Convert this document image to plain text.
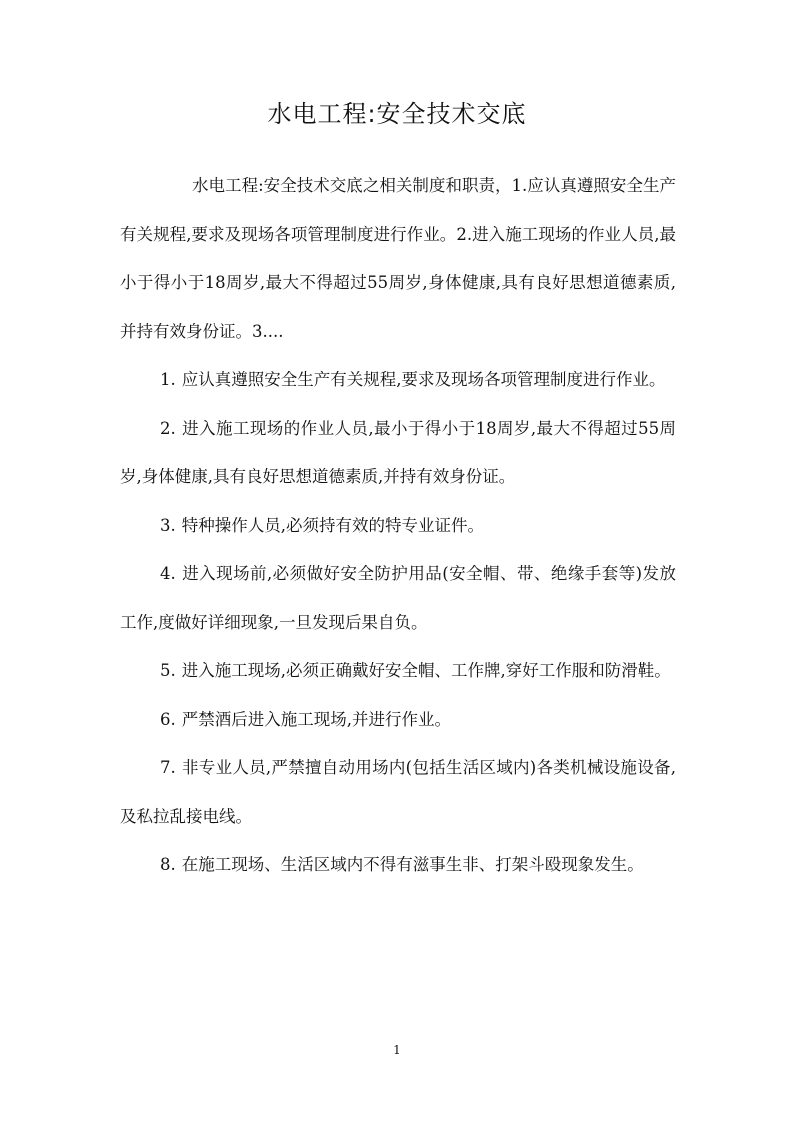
水电工程:安全技术交底

水电工程:安全技术交底之相关制度和职责，1.应认真遵照安全生产有关规程,要求及现场各项管理制度进行作业。2.进入施工现场的作业人员,最小于得小于18周岁,最大不得超过55周岁,身体健康,具有良好思想道德素质,并持有效身份证。3....

1. 应认真遵照安全生产有关规程,要求及现场各项管理制度进行作业。

2. 进入施工现场的作业人员,最小于得小于18周岁,最大不得超过55周岁,身体健康,具有良好思想道德素质,并持有效身份证。

3. 特种操作人员,必须持有效的特专业证件。

4. 进入现场前,必须做好安全防护用品(安全帽、带、绝缘手套等)发放工作,度做好详细现象,一旦发现后果自负。

5. 进入施工现场,必须正确戴好安全帽、工作牌,穿好工作服和防滑鞋。

6. 严禁酒后进入施工现场,并进行作业。

7. 非专业人员,严禁擅自动用场内(包括生活区域内)各类机械设施设备,及私拉乱接电线。

8. 在施工现场、生活区域内不得有滋事生非、打架斗殴现象发生。

1
